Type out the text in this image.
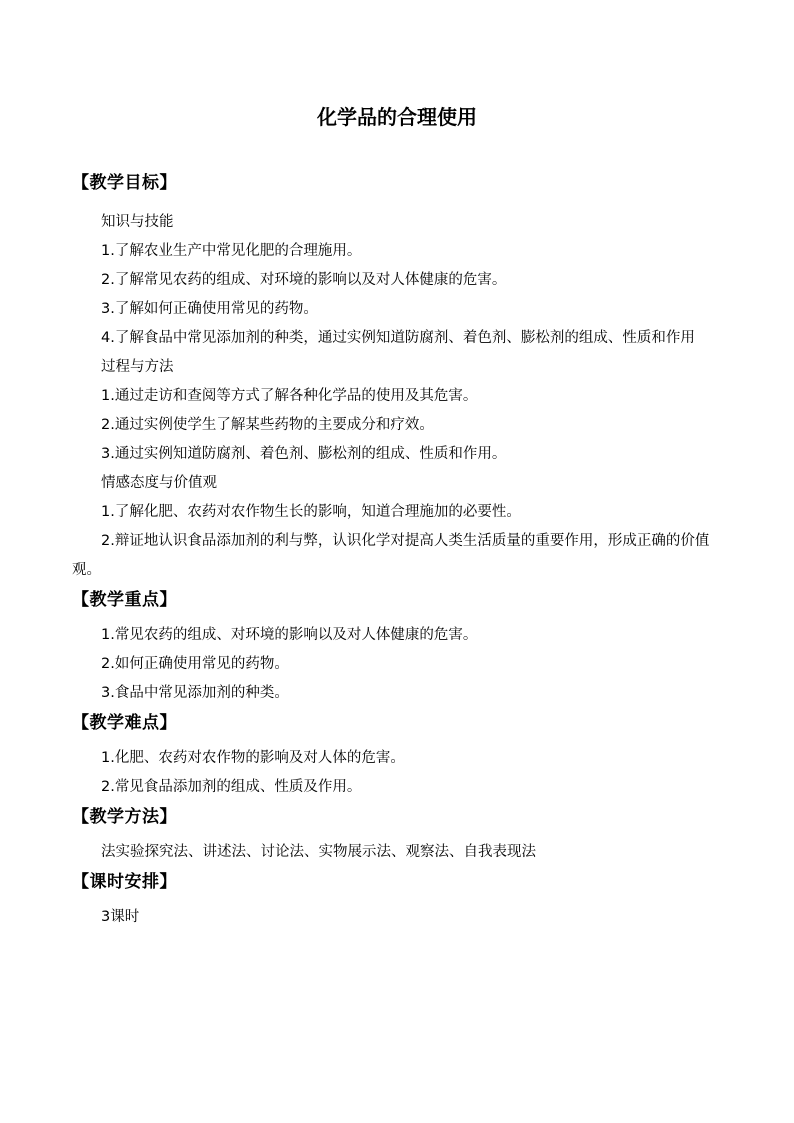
化学品的合理使用
【教学目标】

知识与技能

1.了解农业生产中常见化肥的合理施用。

2.了解常见农药的组成、对环境的影响以及对人体健康的危害。

3.了解如何正确使用常见的药物。

4.了解食品中常见添加剂的种类，通过实例知道防腐剂、着色剂、膨松剂的组成、性质和作用

过程与方法

1.通过走访和查阅等方式了解各种化学品的使用及其危害。

2.通过实例使学生了解某些药物的主要成分和疗效。

3.通过实例知道防腐剂、着色剂、膨松剂的组成、性质和作用。

情感态度与价值观

1.了解化肥、农药对农作物生长的影响，知道合理施加的必要性。

2.辩证地认识食品添加剂的利与弊，认识化学对提高人类生活质量的重要作用，形成正确的价值观。

【教学重点】

1.常见农药的组成、对环境的影响以及对人体健康的危害。

2.如何正确使用常见的药物。

3.食品中常见添加剂的种类。

【教学难点】

1.化肥、农药对农作物的影响及对人体的危害。

2.常见食品添加剂的组成、性质及作用。

【教学方法】

法实验探究法、讲述法、讨论法、实物展示法、观察法、自我表现法

【课时安排】

3课时
